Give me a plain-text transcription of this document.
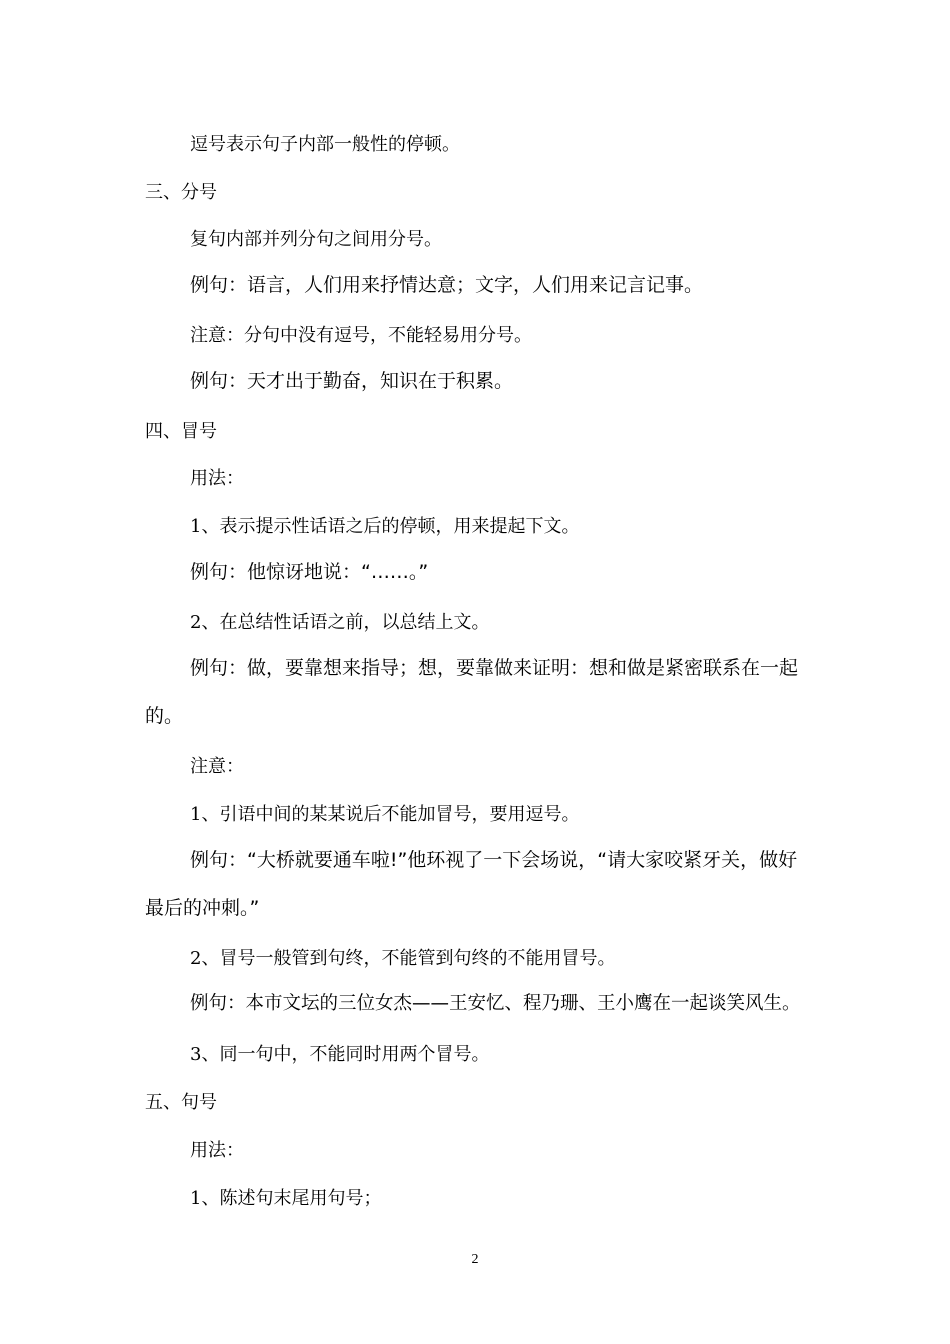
逗号表示句子内部一般性的停顿。
三、分号
复句内部并列分句之间用分号。
例句：语言，人们用来抒情达意；文字，人们用来记言记事。
注意：分句中没有逗号，不能轻易用分号。
例句：天才出于勤奋，知识在于积累。
四、冒号
用法：
1、表示提示性话语之后的停顿，用来提起下文。
例句：他惊讶地说：“……。”
2、在总结性话语之前，以总结上文。
例句：做，要靠想来指导；想，要靠做来证明：想和做是紧密联系在一起
的。
注意：
1、引语中间的某某说后不能加冒号，要用逗号。
例句：“大桥就要通车啦!”他环视了一下会场说，“请大家咬紧牙关，做好
最后的冲刺。”
2、冒号一般管到句终，不能管到句终的不能用冒号。
例句：本市文坛的三位女杰——王安忆、程乃珊、王小鹰在一起谈笑风生。
3、同一句中，不能同时用两个冒号。
五、句号
用法：
1、陈述句末尾用句号；
2
